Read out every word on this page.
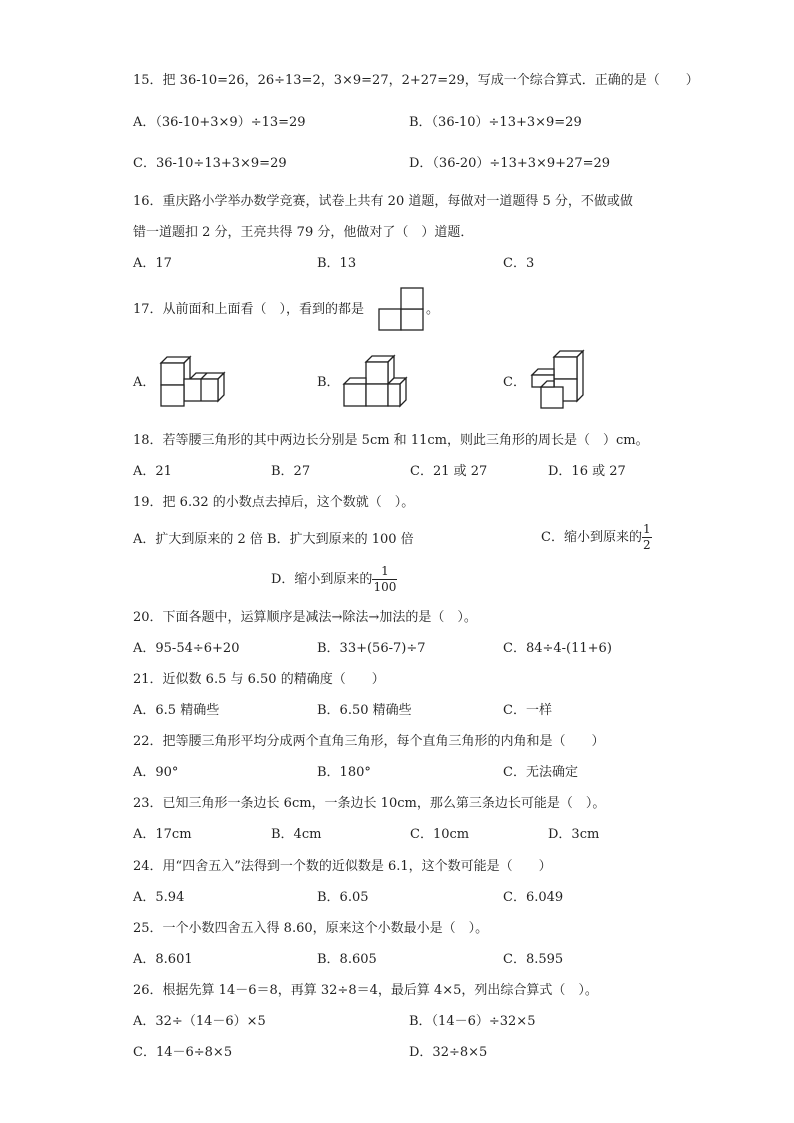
15．把 36-10=26，26÷13=2，3×9=27，2+27=29，写成一个综合算式．正确的是（　　）
A．（36-10+3×9）÷13=29	B．（36-10）÷13+3×9=29
C．36-10÷13+3×9=29	D．（36-20）÷13+3×9+27=29
16．重庆路小学举办数学竞赛，试卷上共有 20 道题，每做对一道题得 5 分，不做或做
错一道题扣 2 分，王亮共得 79 分，他做对了（　）道题．
A．17	B．13	C．3
17．从前面和上面看（　），看到的都是	。
A．	B．	C．
18．若等腰三角形的其中两边长分别是 5cm 和 11cm，则此三角形的周长是（　）cm。
A．21	B．27	C．21 或 27	D．16 或 27
19．把 6.32 的小数点去掉后，这个数就（　）。
A．扩大到原来的 2 倍 B．扩大到原来的 100 倍	C．缩小到原来的 $\frac{1}{2}$
D．缩小到原来的 $\frac{1}{100}$
20．下面各题中，运算顺序是减法→除法→加法的是（　）。
A．95-54÷6+20	B．33+(56-7)÷7	C．84÷4-(11+6)
21．近似数 6.5 与 6.50 的精确度（　　）
A．6.5 精确些	B．6.50 精确些	C．一样
22．把等腰三角形平均分成两个直角三角形，每个直角三角形的内角和是（　　）
A．90°	B．180°	C．无法确定
23．已知三角形一条边长 6cm，一条边长 10cm，那么第三条边长可能是（　）。
A．17cm	B．4cm	C．10cm	D．3cm
24．用“四舍五入”法得到一个数的近似数是 6.1，这个数可能是（　　）
A．5.94	B．6.05	C．6.049
25．一个小数四舍五入得 8.60，原来这个小数最小是（　）。
A．8.601	B．8.605	C．8.595
26．根据先算 14－6＝8，再算 32÷8＝4，最后算 4×5，列出综合算式（　）。
A．32÷（14－6）×5	B．（14－6）÷32×5
C．14－6÷8×5	D．32÷8×5
